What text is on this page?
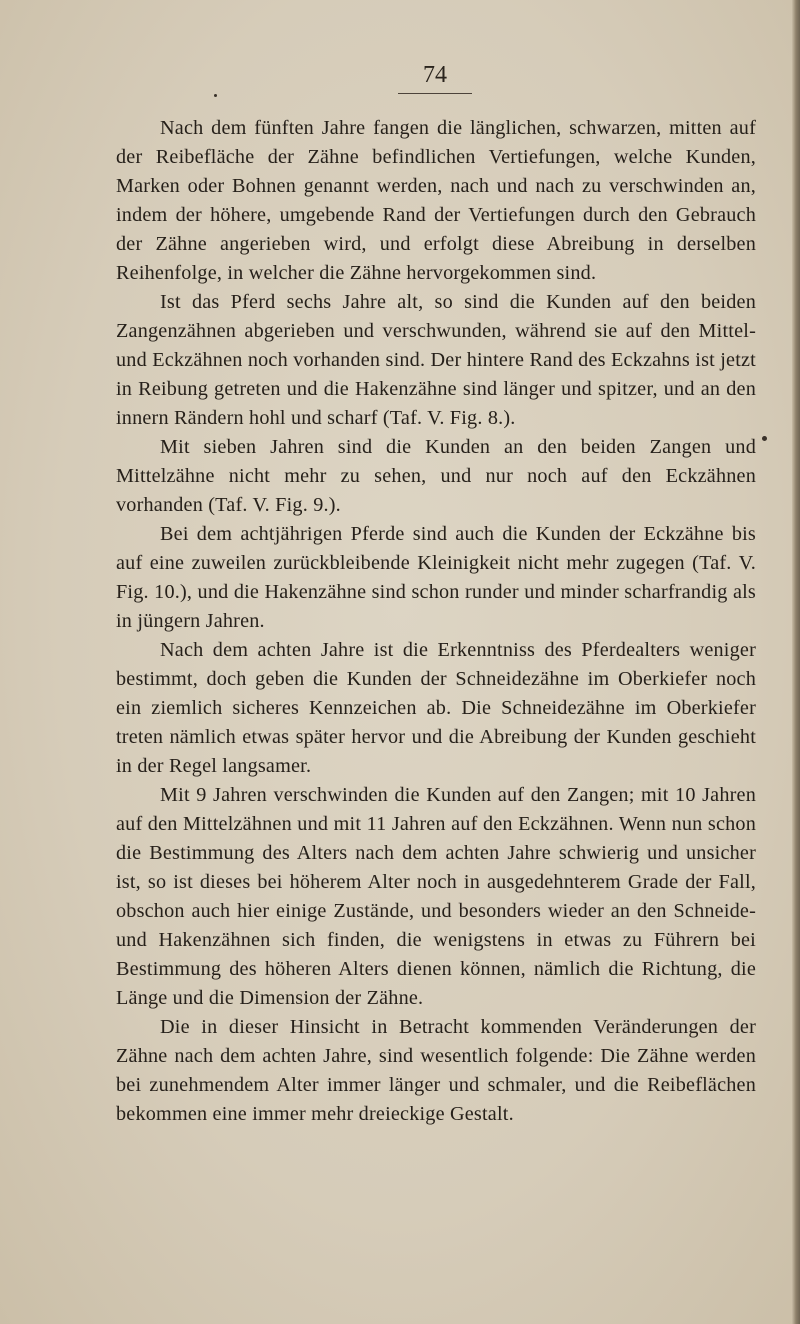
74

Nach dem fünften Jahre fangen die länglichen, schwarzen, mitten auf der Reibefläche der Zähne befindlichen Vertiefungen, welche Kunden, Marken oder Bohnen genannt werden, nach und nach zu verschwinden an, indem der höhere, umgebende Rand der Vertiefungen durch den Gebrauch der Zähne angerieben wird, und erfolgt diese Abreibung in derselben Reihenfolge, in welcher die Zähne hervorgekommen sind.

Ist das Pferd sechs Jahre alt, so sind die Kunden auf den beiden Zangenzähnen abgerieben und verschwunden, während sie auf den Mittel- und Eckzähnen noch vorhanden sind. Der hintere Rand des Eckzahns ist jetzt in Reibung getreten und die Hakenzähne sind länger und spitzer, und an den innern Rändern hohl und scharf (Taf. V. Fig. 8.).

Mit sieben Jahren sind die Kunden an den beiden Zangen und Mittelzähne nicht mehr zu sehen, und nur noch auf den Eckzähnen vorhanden (Taf. V. Fig. 9.).

Bei dem achtjährigen Pferde sind auch die Kunden der Eckzähne bis auf eine zuweilen zurückbleibende Kleinigkeit nicht mehr zugegen (Taf. V. Fig. 10.), und die Hakenzähne sind schon runder und minder scharfrandig als in jüngern Jahren.

Nach dem achten Jahre ist die Erkenntniss des Pferdealters weniger bestimmt, doch geben die Kunden der Schneidezähne im Oberkiefer noch ein ziemlich sicheres Kennzeichen ab. Die Schneidezähne im Oberkiefer treten nämlich etwas später hervor und die Abreibung der Kunden geschieht in der Regel langsamer.

Mit 9 Jahren verschwinden die Kunden auf den Zangen; mit 10 Jahren auf den Mittelzähnen und mit 11 Jahren auf den Eckzähnen. Wenn nun schon die Bestimmung des Alters nach dem achten Jahre schwierig und unsicher ist, so ist dieses bei höherem Alter noch in ausgedehnterem Grade der Fall, obschon auch hier einige Zustände, und besonders wieder an den Schneide- und Hakenzähnen sich finden, die wenigstens in etwas zu Führern bei Bestimmung des höheren Alters dienen können, nämlich die Richtung, die Länge und die Dimension der Zähne.

Die in dieser Hinsicht in Betracht kommenden Veränderungen der Zähne nach dem achten Jahre, sind wesentlich folgende: Die Zähne werden bei zunehmendem Alter immer länger und schmaler, und die Reibeflächen bekommen eine immer mehr dreieckige Gestalt.
